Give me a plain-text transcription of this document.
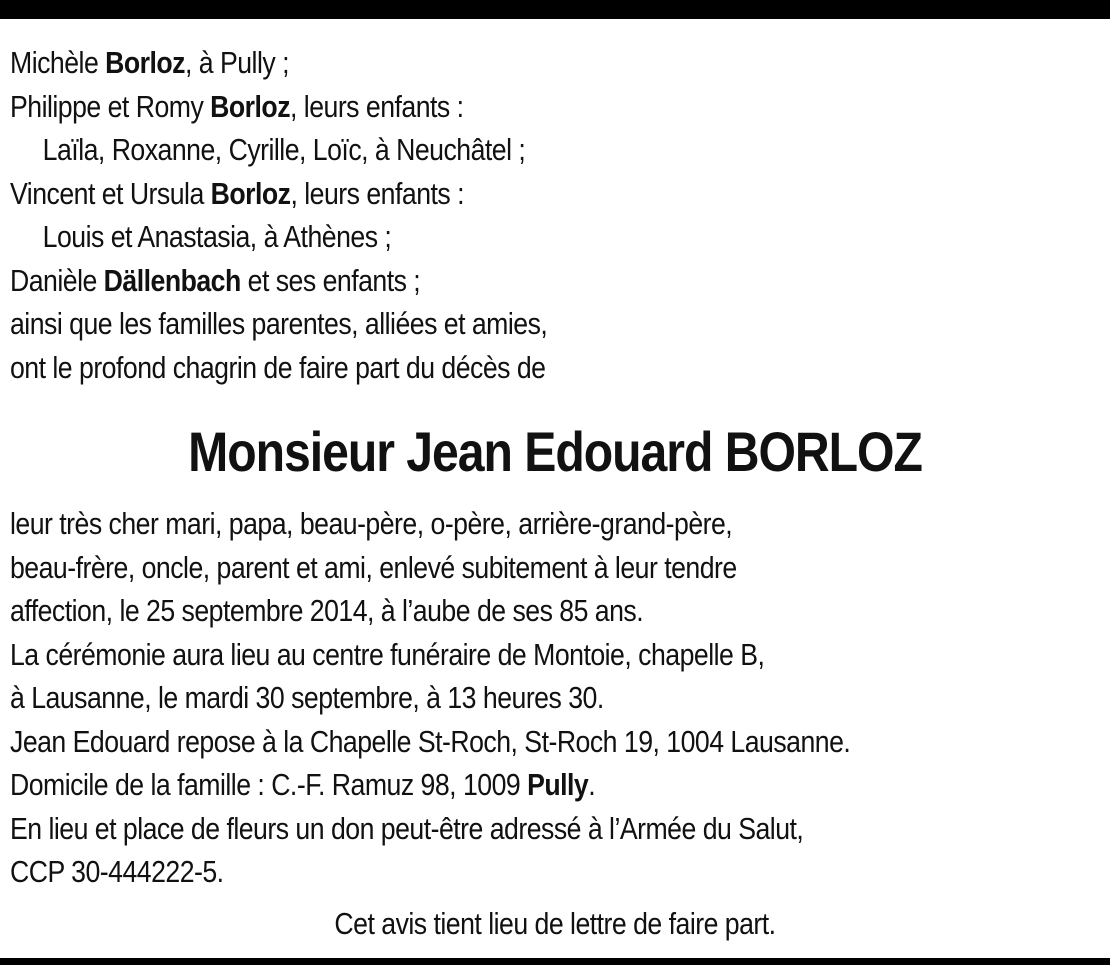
Michèle Borloz, à Pully ;
Philippe et Romy Borloz, leurs enfants :
Laïla, Roxanne, Cyrille, Loïc, à Neuchâtel ;
Vincent et Ursula Borloz, leurs enfants :
Louis et Anastasia, à Athènes ;
Danièle Dällenbach et ses enfants ;
ainsi que les familles parentes, alliées et amies,
ont le profond chagrin de faire part du décès de
Monsieur Jean Edouard BORLOZ
leur très cher mari, papa, beau-père, o-père, arrière-grand-père,
beau-frère, oncle, parent et ami, enlevé subitement à leur tendre
affection, le 25 septembre 2014, à l’aube de ses 85 ans.
La cérémonie aura lieu au centre funéraire de Montoie, chapelle B,
à Lausanne, le mardi 30 septembre, à 13 heures 30.
Jean Edouard repose à la Chapelle St-Roch, St-Roch 19, 1004 Lausanne.
Domicile de la famille : C.-F. Ramuz 98, 1009 Pully.
En lieu et place de fleurs un don peut-être adressé à l’Armée du Salut,
CCP 30-444222-5.
Cet avis tient lieu de lettre de faire part.
